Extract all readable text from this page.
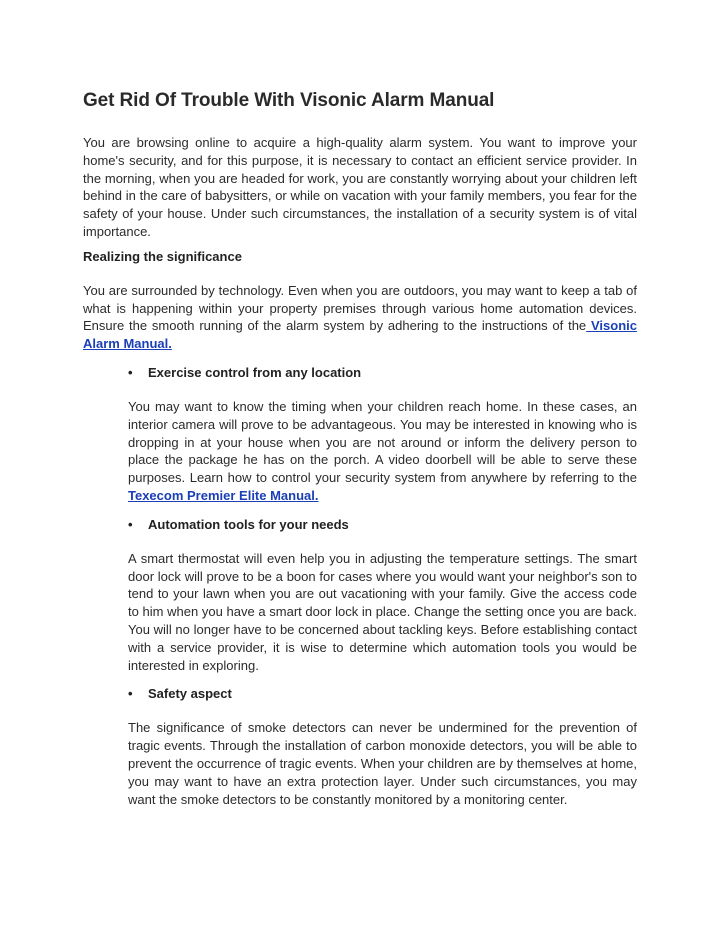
Get Rid Of Trouble With Visonic Alarm Manual

You are browsing online to acquire a high-quality alarm system. You want to improve your home's security, and for this purpose, it is necessary to contact an efficient service provider. In the morning, when you are headed for work, you are constantly worrying about your children left behind in the care of babysitters, or while on vacation with your family members, you fear for the safety of your house. Under such circumstances, the installation of a security system is of vital importance.

Realizing the significance

You are surrounded by technology. Even when you are outdoors, you may want to keep a tab of what is happening within your property premises through various home automation devices. Ensure the smooth running of the alarm system by adhering to the instructions of the Visonic Alarm Manual.

•	Exercise control from any location

You may want to know the timing when your children reach home. In these cases, an interior camera will prove to be advantageous. You may be interested in knowing who is dropping in at your house when you are not around or inform the delivery person to place the package he has on the porch. A video doorbell will be able to serve these purposes. Learn how to control your security system from anywhere by referring to the Texecom Premier Elite Manual.

•	Automation tools for your needs

A smart thermostat will even help you in adjusting the temperature settings. The smart door lock will prove to be a boon for cases where you would want your neighbor's son to tend to your lawn when you are out vacationing with your family. Give the access code to him when you have a smart door lock in place. Change the setting once you are back. You will no longer have to be concerned about tackling keys. Before establishing contact with a service provider, it is wise to determine which automation tools you would be interested in exploring.

•	Safety aspect

The significance of smoke detectors can never be undermined for the prevention of tragic events. Through the installation of carbon monoxide detectors, you will be able to prevent the occurrence of tragic events. When your children are by themselves at home, you may want to have an extra protection layer. Under such circumstances, you may want the smoke detectors to be constantly monitored by a monitoring center.
